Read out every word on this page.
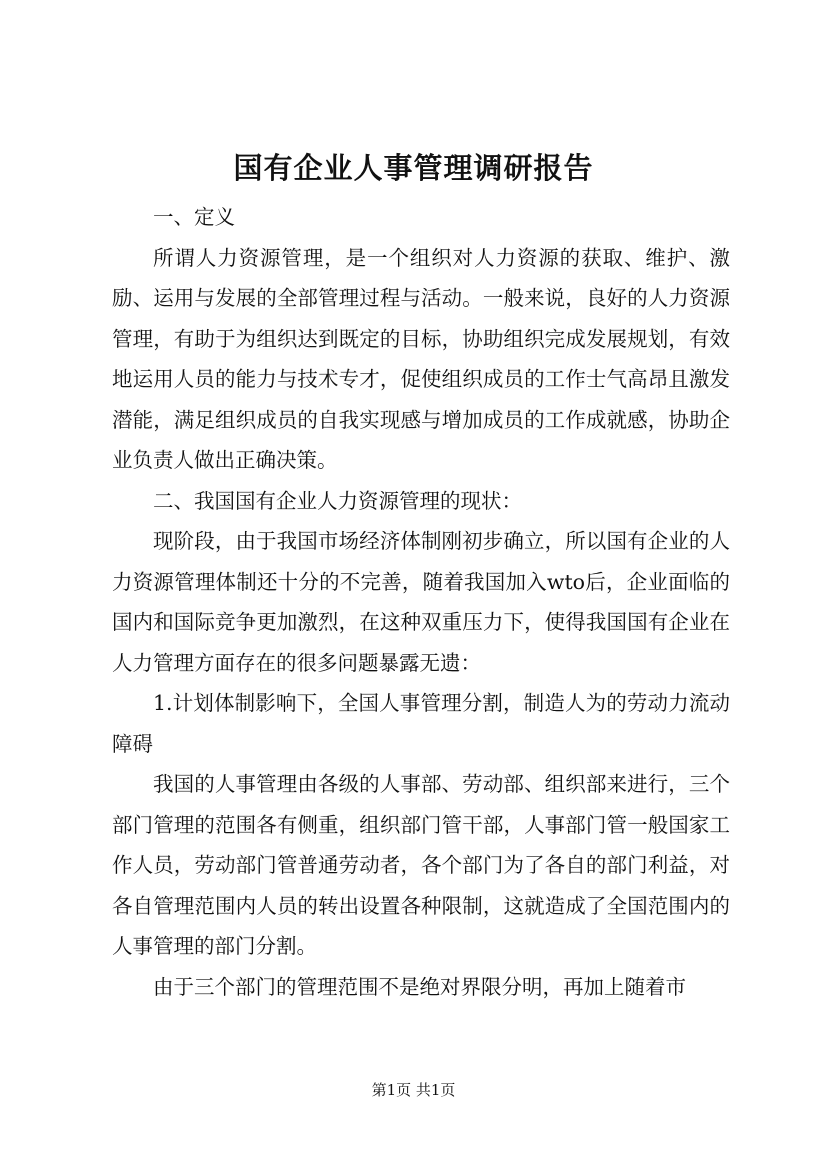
国有企业人事管理调研报告

一、定义

所谓人力资源管理，是一个组织对人力资源的获取、维护、激励、运用与发展的全部管理过程与活动。一般来说，良好的人力资源管理，有助于为组织达到既定的目标，协助组织完成发展规划，有效地运用人员的能力与技术专才，促使组织成员的工作士气高昂且激发潜能，满足组织成员的自我实现感与增加成员的工作成就感，协助企业负责人做出正确决策。

二、我国国有企业人力资源管理的现状：

现阶段，由于我国市场经济体制刚初步确立，所以国有企业的人力资源管理体制还十分的不完善，随着我国加入wto后，企业面临的国内和国际竞争更加激烈，在这种双重压力下，使得我国国有企业在人力管理方面存在的很多问题暴露无遗：

1.计划体制影响下，全国人事管理分割，制造人为的劳动力流动障碍

我国的人事管理由各级的人事部、劳动部、组织部来进行，三个部门管理的范围各有侧重，组织部门管干部，人事部门管一般国家工作人员，劳动部门管普通劳动者，各个部门为了各自的部门利益，对各自管理范围内人员的转出设置各种限制，这就造成了全国范围内的人事管理的部门分割。

由于三个部门的管理范围不是绝对界限分明，再加上随着市

第1页 共1页
